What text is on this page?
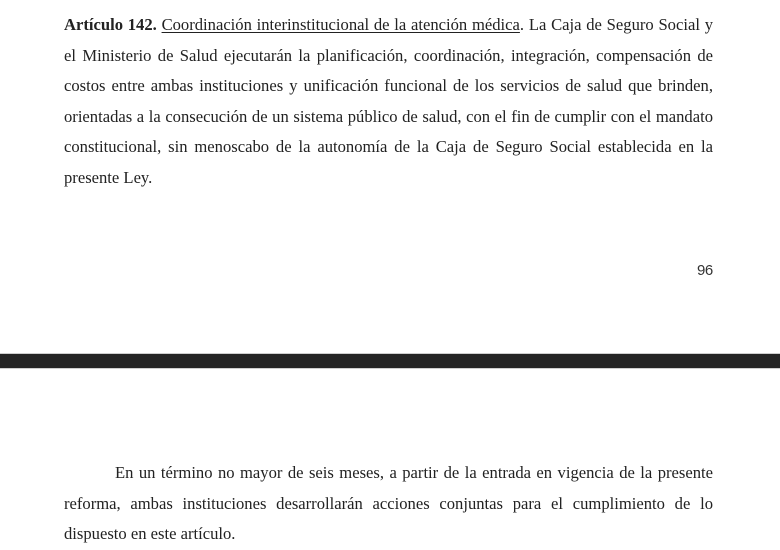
Artículo 142. Coordinación interinstitucional de la atención médica. La Caja de Seguro Social y el Ministerio de Salud ejecutarán la planificación, coordinación, integración, compensación de costos entre ambas instituciones y unificación funcional de los servicios de salud que brinden, orientadas a la consecución de un sistema público de salud, con el fin de cumplir con el mandato constitucional, sin menoscabo de la autonomía de la Caja de Seguro Social establecida en la presente Ley.

96

En un término no mayor de seis meses, a partir de la entrada en vigencia de la presente reforma, ambas instituciones desarrollarán acciones conjuntas para el cumplimiento de lo dispuesto en este artículo.
